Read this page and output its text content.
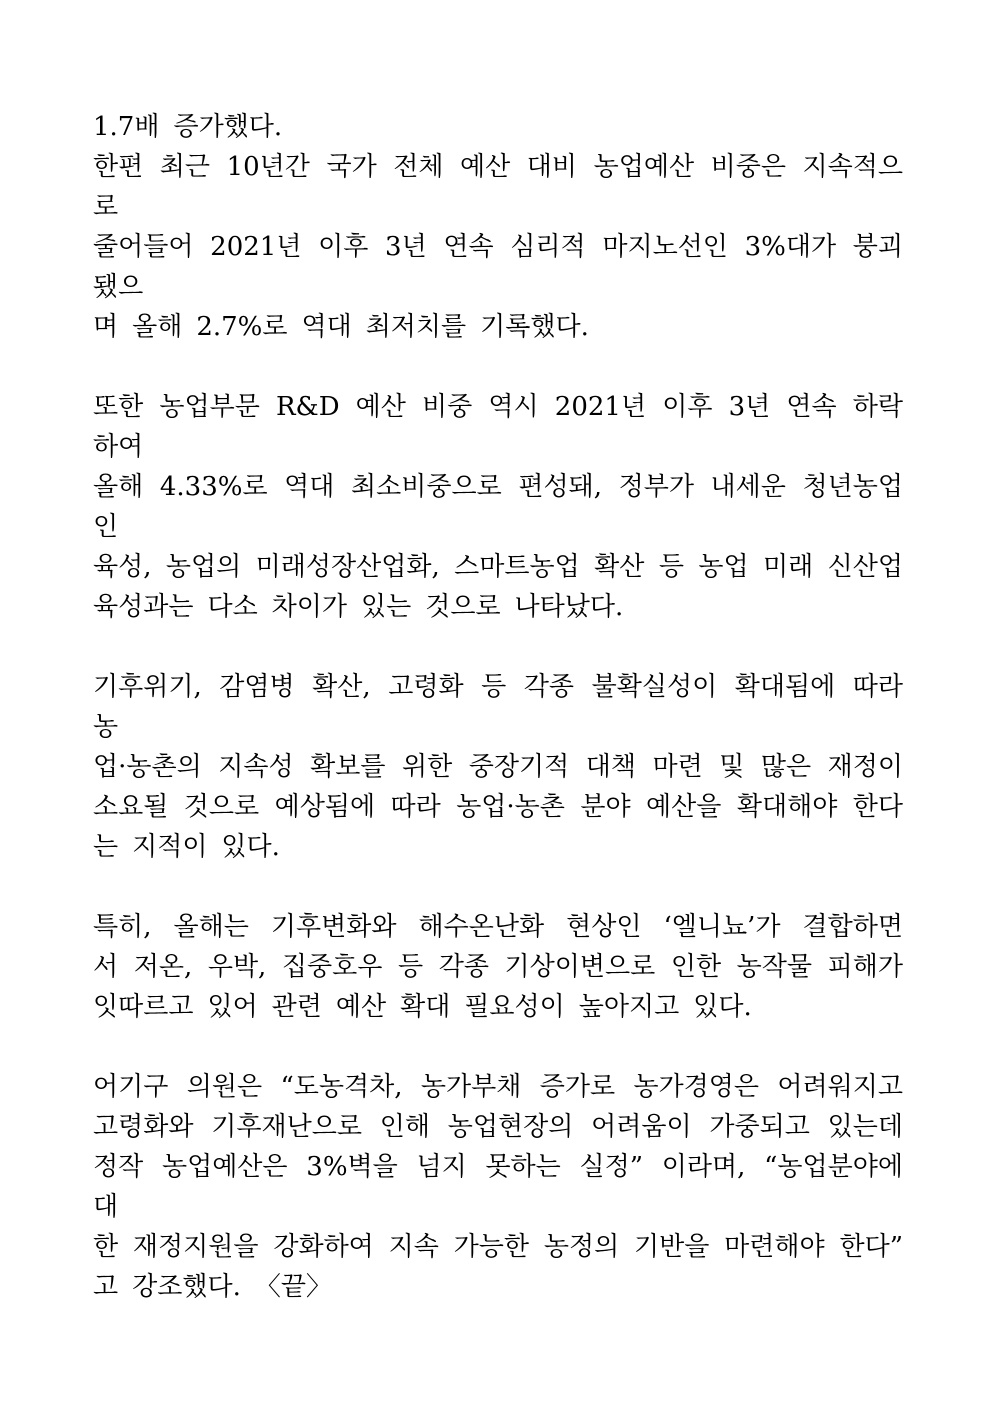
1.7배 증가했다.
한편 최근 10년간 국가 전체 예산 대비 농업예산 비중은 지속적으로
줄어들어 2021년 이후 3년 연속 심리적 마지노선인 3%대가 붕괴됐으
며 올해 2.7%로 역대 최저치를 기록했다.
또한 농업부문 R&D 예산 비중 역시 2021년 이후 3년 연속 하락하여
올해 4.33%로 역대 최소비중으로 편성돼, 정부가 내세운 청년농업인
육성, 농업의 미래성장산업화, 스마트농업 확산 등 농업 미래 신산업
육성과는 다소 차이가 있는 것으로 나타났다.
기후위기, 감염병 확산, 고령화 등 각종 불확실성이 확대됨에 따라 농
업·농촌의 지속성 확보를 위한 중장기적 대책 마련 및 많은 재정이
소요될 것으로 예상됨에 따라 농업·농촌 분야 예산을 확대해야 한다
는 지적이 있다.
특히, 올해는 기후변화와 해수온난화 현상인 ‘엘니뇨’가 결합하면
서 저온, 우박, 집중호우 등 각종 기상이변으로 인한 농작물 피해가
잇따르고 있어 관련 예산 확대 필요성이 높아지고 있다.
어기구 의원은 “도농격차, 농가부채 증가로 농가경영은 어려워지고
고령화와 기후재난으로 인해 농업현장의 어려움이 가중되고 있는데
정작 농업예산은 3%벽을 넘지 못하는 실정” 이라며, “농업분야에 대
한 재정지원을 강화하여 지속 가능한 농정의 기반을 마련해야 한다”
고 강조했다. 〈끝〉
